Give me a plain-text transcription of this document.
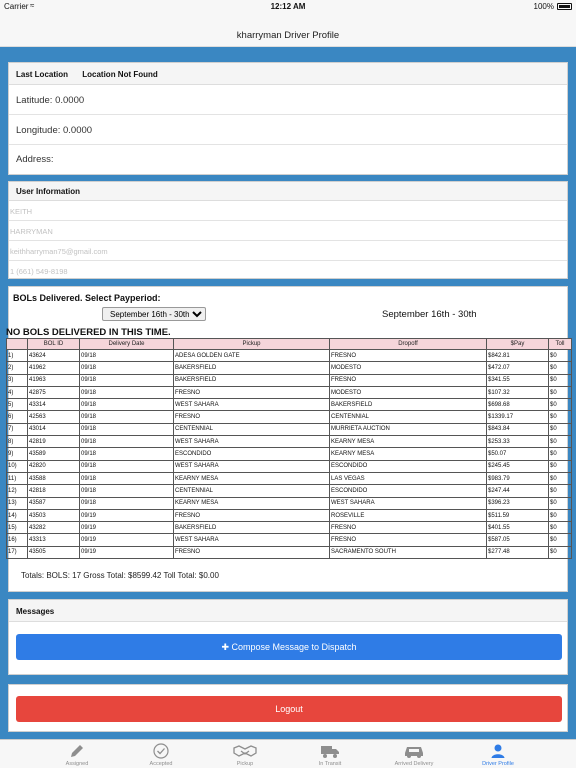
Carrier ≈	12:12 AM	100%
kharryman Driver Profile
Last Location Location Not Found
Latitude: 0.0000
Longitude: 0.0000
Address:
User Information
KEITH
HARRYMAN
keithharryman75@gmail.com
1 (661) 549-8198
BOLs Delivered. Select Payperiod:
September 16th - 30th
September 16th - 30th
NO BOLS DELIVERED IN THIS TIME.
	BOL ID	Delivery Date	Pickup	Dropoff	$Pay	Toll
1)	43624	09/18	ADESA GOLDEN GATE	FRESNO	$842.81	$0
2)	41962	09/18	BAKERSFIELD	MODESTO	$472.07	$0
3)	41963	09/18	BAKERSFIELD	FRESNO	$341.55	$0
4)	42875	09/18	FRESNO	MODESTO	$107.32	$0
5)	43314	09/18	WEST SAHARA	BAKERSFIELD	$698.68	$0
6)	42563	09/18	FRESNO	CENTENNIAL	$1339.17	$0
7)	43014	09/18	CENTENNIAL	MURRIETA AUCTION	$843.84	$0
8)	42819	09/18	WEST SAHARA	KEARNY MESA	$253.33	$0
9)	43589	09/18	ESCONDIDO	KEARNY MESA	$50.07	$0
10)	42820	09/18	WEST SAHARA	ESCONDIDO	$245.45	$0
11)	43588	09/18	KEARNY MESA	LAS VEGAS	$983.79	$0
12)	42818	09/18	CENTENNIAL	ESCONDIDO	$247.44	$0
13)	43587	09/18	KEARNY MESA	WEST SAHARA	$396.23	$0
14)	43503	09/19	FRESNO	ROSEVILLE	$511.59	$0
15)	43282	09/19	BAKERSFIELD	FRESNO	$401.55	$0
16)	43313	09/19	WEST SAHARA	FRESNO	$587.05	$0
17)	43505	09/19	FRESNO	SACRAMENTO SOUTH	$277.48	$0
Totals: BOLS: 17 Gross Total: $8599.42 Toll Total: $0.00
Messages
✚ Compose Message to Dispatch
Logout
Assigned	Accepted	Pickup	In Transit	Arrived Delivery	Driver Profile
